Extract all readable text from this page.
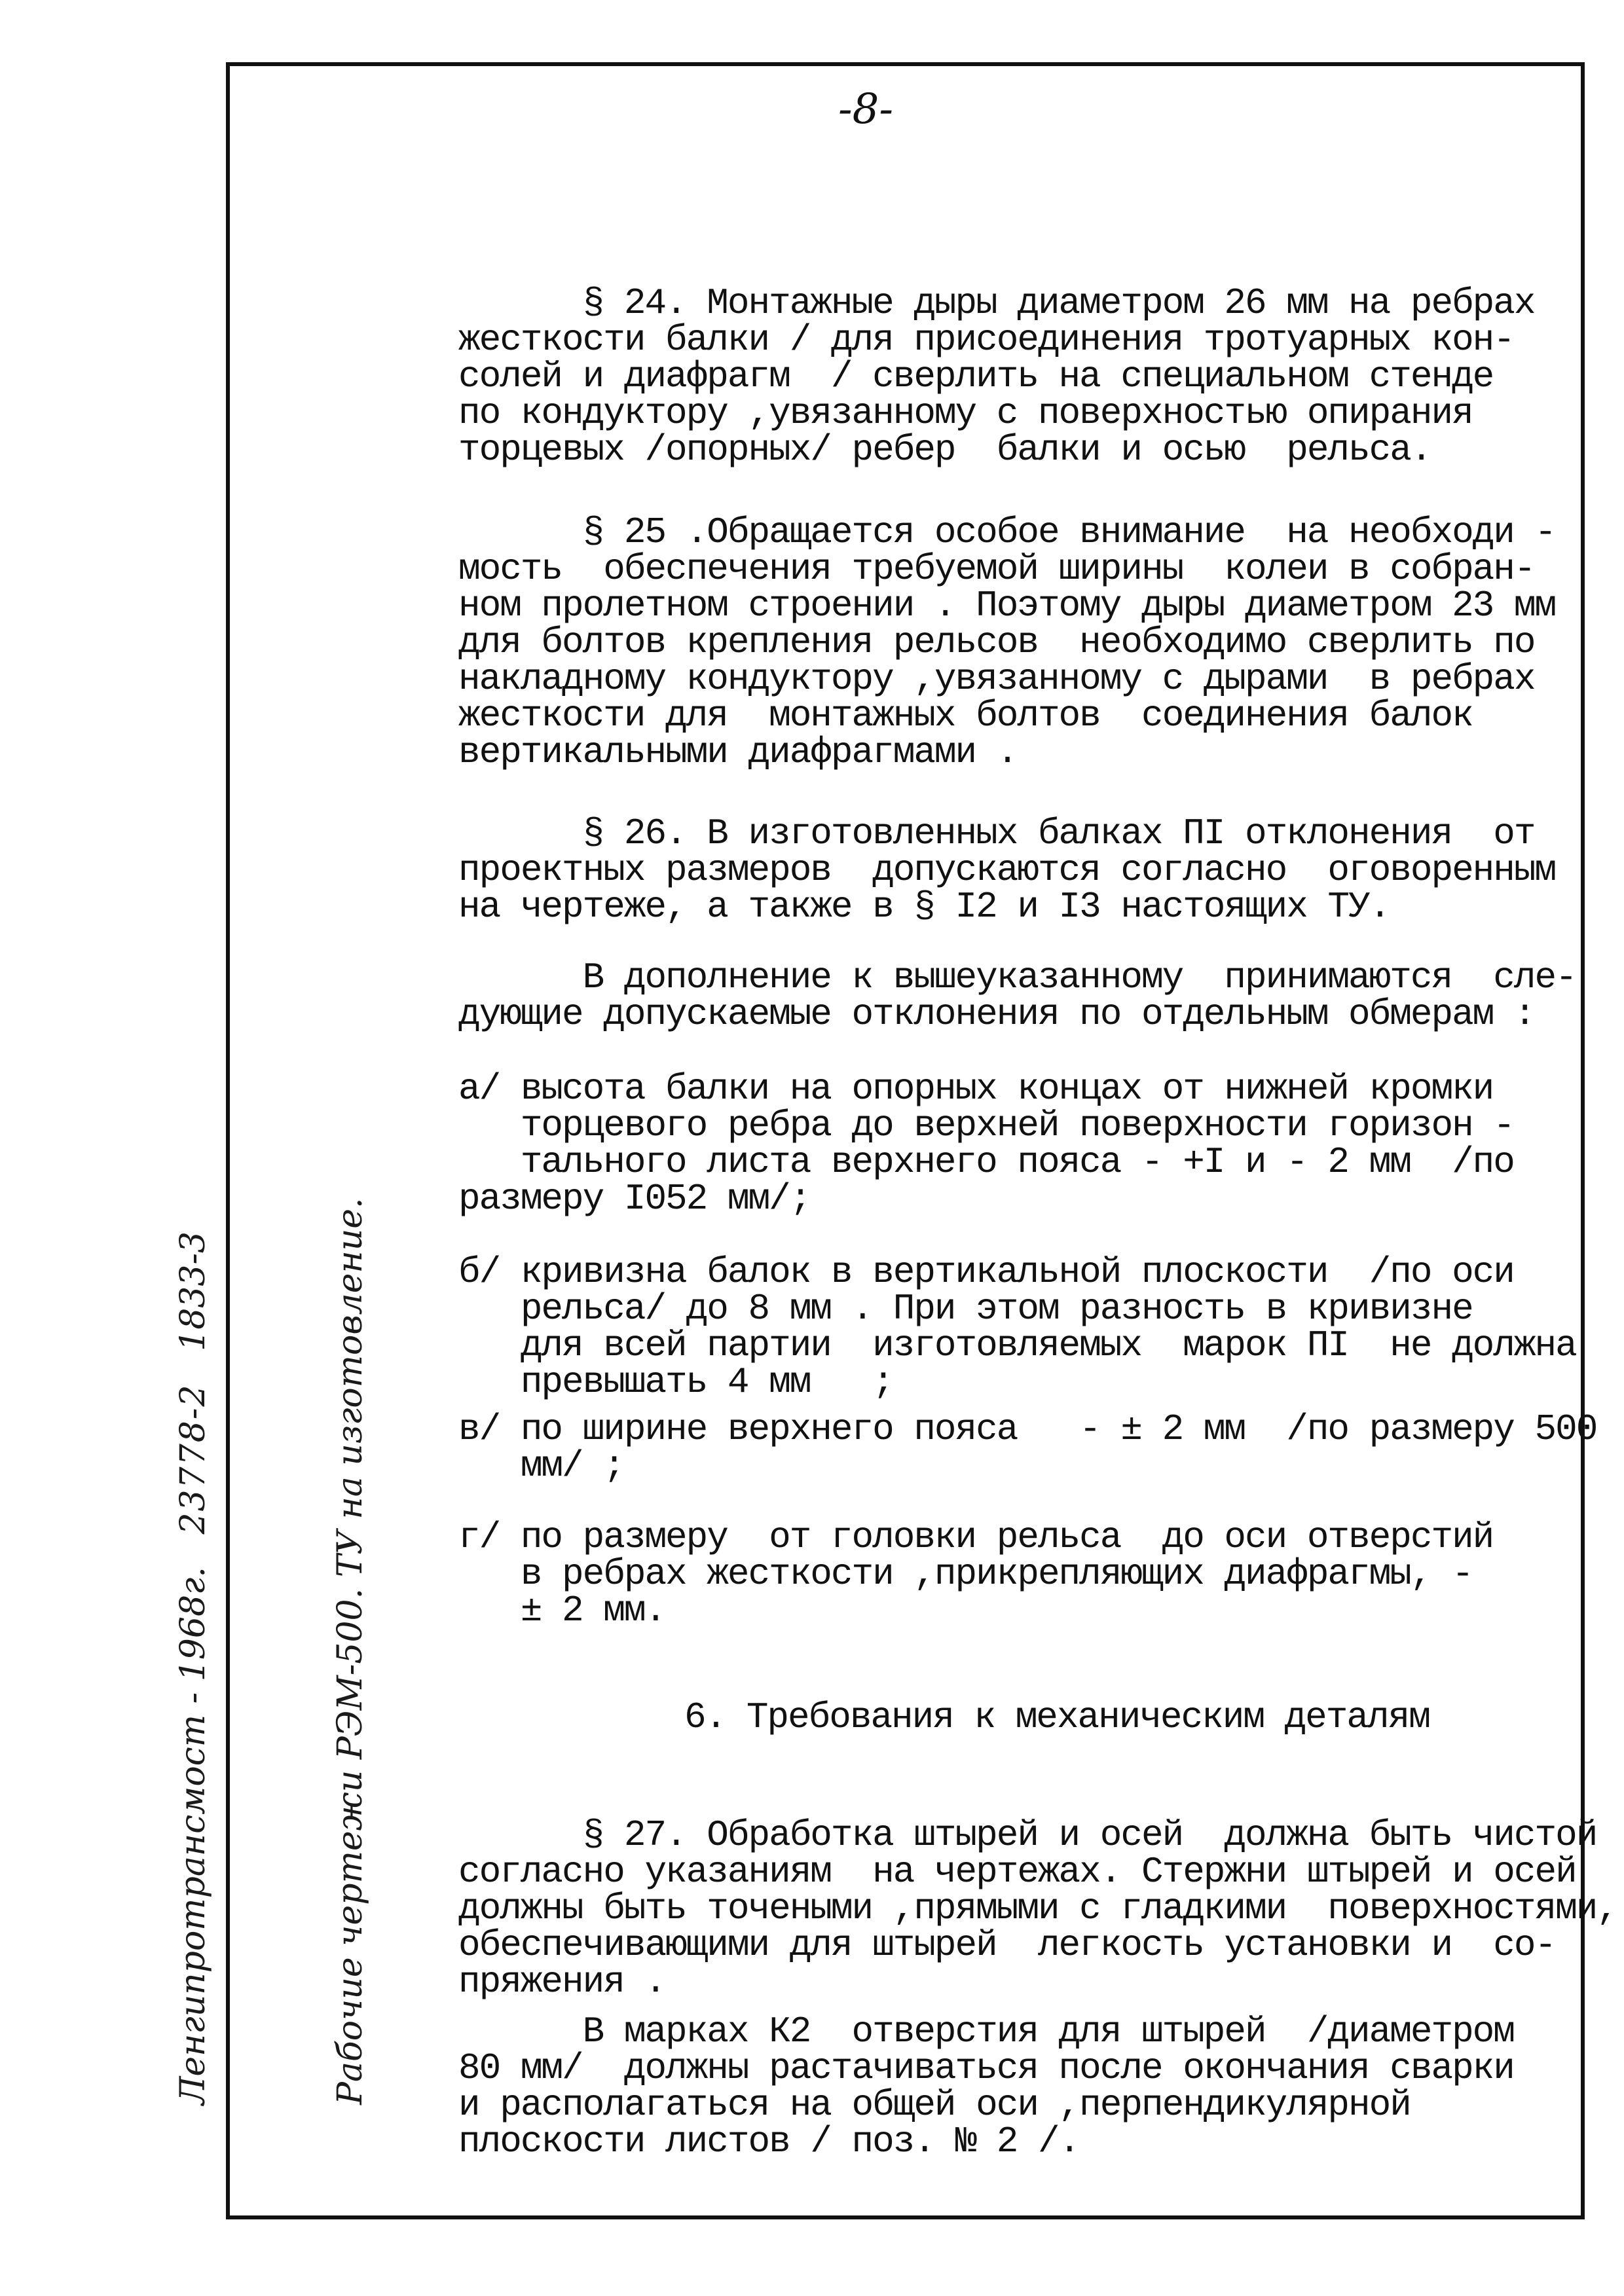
-8-
§ 24. Монтажные дыры диаметром 26 мм на ребрах
жесткости балки / для присоединения тротуарных кон-
солей и диафрагм  / сверлить на специальном стенде
по кондуктору ,увязанному с поверхностью опирания
торцевых /опорных/ ребер  балки и осью  рельса.
§ 25 .Обращается особое внимание  на необходи -
мость  обеспечения требуемой ширины  колеи в собран-
ном пролетном строении . Поэтому дыры диаметром 23 мм
для болтов крепления рельсов  необходимо сверлить по
накладному кондуктору ,увязанному с дырами  в ребрах
жесткости для  монтажных болтов  соединения балок
вертикальными диафрагмами .
§ 26. В изготовленных балках ПI отклонения  от
проектных размеров  допускаются согласно  оговоренным
на чертеже, а также в § I2 и I3 настоящих ТУ.
В дополнение к вышеуказанному  принимаются  сле-
дующие допускаемые отклонения по отдельным обмерам :
а/ высота балки на опорных концах от нижней кромки
торцевого ребра до верхней поверхности горизон -
тального листа верхнего пояса - +I и - 2 мм  /по
размеру I052 мм/;
б/ кривизна балок в вертикальной плоскости  /по оси
рельса/ до 8 мм . При этом разность в кривизне
для всей партии  изготовляемых  марок ПI  не должна
превышать 4 мм   ;
в/ по ширине верхнего пояса   - ± 2 мм  /по размеру 500
мм/ ;
г/ по размеру  от головки рельса  до оси отверстий
в ребрах жесткости ,прикрепляющих диафрагмы, -
± 2 мм.
6. Требования к механическим деталям
§ 27. Обработка штырей и осей  должна быть чистой
согласно указаниям  на чертежах. Стержни штырей и осей
должны быть точеными ,прямыми с гладкими  поверхностями,
обеспечивающими для штырей  легкость установки и  со-
пряжения .
В марках К2  отверстия для штырей  /диаметром
80 мм/  должны растачиваться после окончания сварки
и располагаться на общей оси ,перпендикулярной
плоскости листов / поз. № 2 /.

Ленгипротрансмост - 1968г.   23778-2   1833-3

	Рабочие чертежи РЭМ-500. ТУ на изготовление.
